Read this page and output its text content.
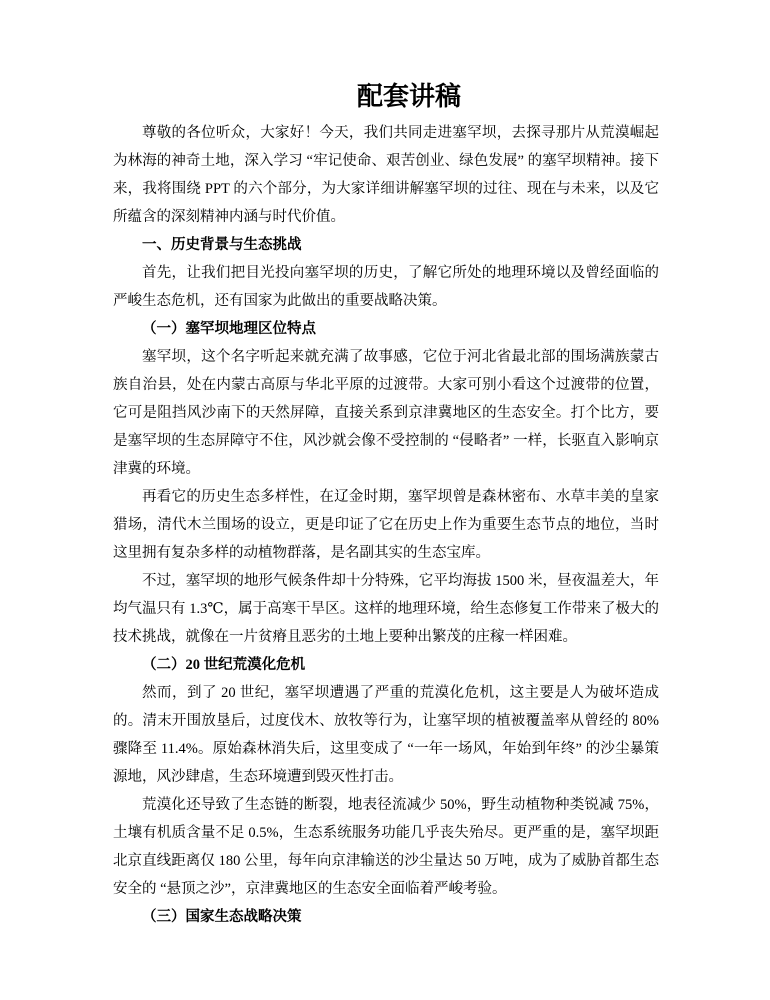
配套讲稿

尊敬的各位听众，大家好！今天，我们共同走进塞罕坝，去探寻那片从荒漠崛起为林海的神奇土地，深入学习 “牢记使命、艰苦创业、绿色发展” 的塞罕坝精神。接下来，我将围绕 PPT 的六个部分，为大家详细讲解塞罕坝的过往、现在与未来，以及它所蕴含的深刻精神内涵与时代价值。

一、历史背景与生态挑战

首先，让我们把目光投向塞罕坝的历史，了解它所处的地理环境以及曾经面临的严峻生态危机，还有国家为此做出的重要战略决策。

（一）塞罕坝地理区位特点

塞罕坝，这个名字听起来就充满了故事感，它位于河北省最北部的围场满族蒙古族自治县，处在内蒙古高原与华北平原的过渡带。大家可别小看这个过渡带的位置，它可是阻挡风沙南下的天然屏障，直接关系到京津冀地区的生态安全。打个比方，要是塞罕坝的生态屏障守不住，风沙就会像不受控制的 “侵略者” 一样，长驱直入影响京津冀的环境。

再看它的历史生态多样性，在辽金时期，塞罕坝曾是森林密布、水草丰美的皇家猎场，清代木兰围场的设立，更是印证了它在历史上作为重要生态节点的地位，当时这里拥有复杂多样的动植物群落，是名副其实的生态宝库。

不过，塞罕坝的地形气候条件却十分特殊，它平均海拔 1500 米，昼夜温差大，年均气温只有 1.3℃，属于高寒干旱区。这样的地理环境，给生态修复工作带来了极大的技术挑战，就像在一片贫瘠且恶劣的土地上要种出繁茂的庄稼一样困难。

（二）20 世纪荒漠化危机

然而，到了 20 世纪，塞罕坝遭遇了严重的荒漠化危机，这主要是人为破坏造成的。清末开围放垦后，过度伐木、放牧等行为，让塞罕坝的植被覆盖率从曾经的 80% 骤降至 11.4%。原始森林消失后，这里变成了 “一年一场风，年始到年终” 的沙尘暴策源地，风沙肆虐，生态环境遭到毁灭性打击。

荒漠化还导致了生态链的断裂，地表径流减少 50%，野生动植物种类锐减 75%，土壤有机质含量不足 0.5%，生态系统服务功能几乎丧失殆尽。更严重的是，塞罕坝距北京直线距离仅 180 公里，每年向京津输送的沙尘量达 50 万吨，成为了威胁首都生态安全的 “悬顶之沙”，京津冀地区的生态安全面临着严峻考验。

（三）国家生态战略决策
